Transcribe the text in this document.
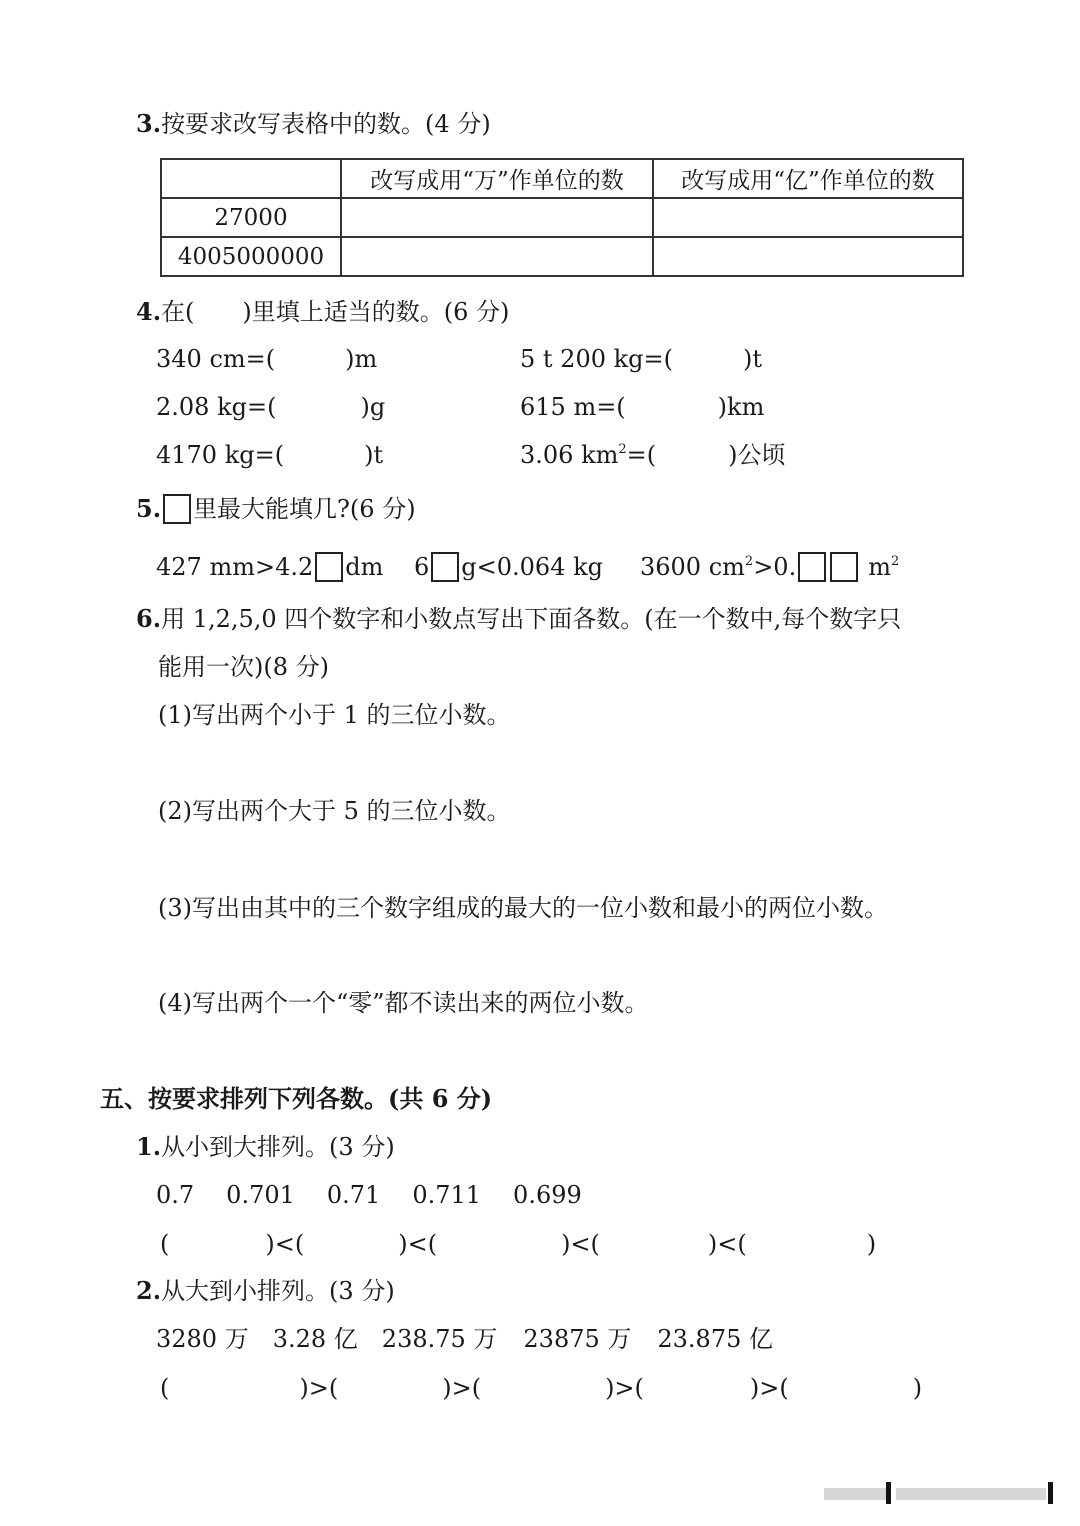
3.按要求改写表格中的数。(4 分)
	改写成用“万”作单位的数	改写成用“亿”作单位的数
27000		
4005000000		
4.在(　　)里填上适当的数。(6 分)
340 cm=(	)m	5 t 200 kg=(	)t
2.08 kg=(	)g	615 m=(	)km
4170 kg=(	)t	3.06 $km^2=$(	)公顷
5. 里最大能填几?(6 分)
427 mm>4.2 dm 6 g<0.064 kg 3600 $cm^2>0$.	$m^2$
6.用 1,2,5,0 四个数字和小数点写出下面各数。(在一个数中,每个数字只
能用一次)(8 分)
(1)写出两个小于 1 的三位小数。
(2)写出两个大于 5 的三位小数。
(3)写出由其中的三个数字组成的最大的一位小数和最小的两位小数。
(4)写出两个一个“零”都不读出来的两位小数。
五、按要求排列下列各数。(共 6 分)
1.从小到大排列。(3 分)
0.7 0.701 0.71 0.711 0.699
(	)<(	)<(	)<(	)<(	)
2.从大到小排列。(3 分)
3280 万 3.28 亿 238.75 万 23875 万 23.875 亿
(	)>(	)>(	)>(	)>(	)
